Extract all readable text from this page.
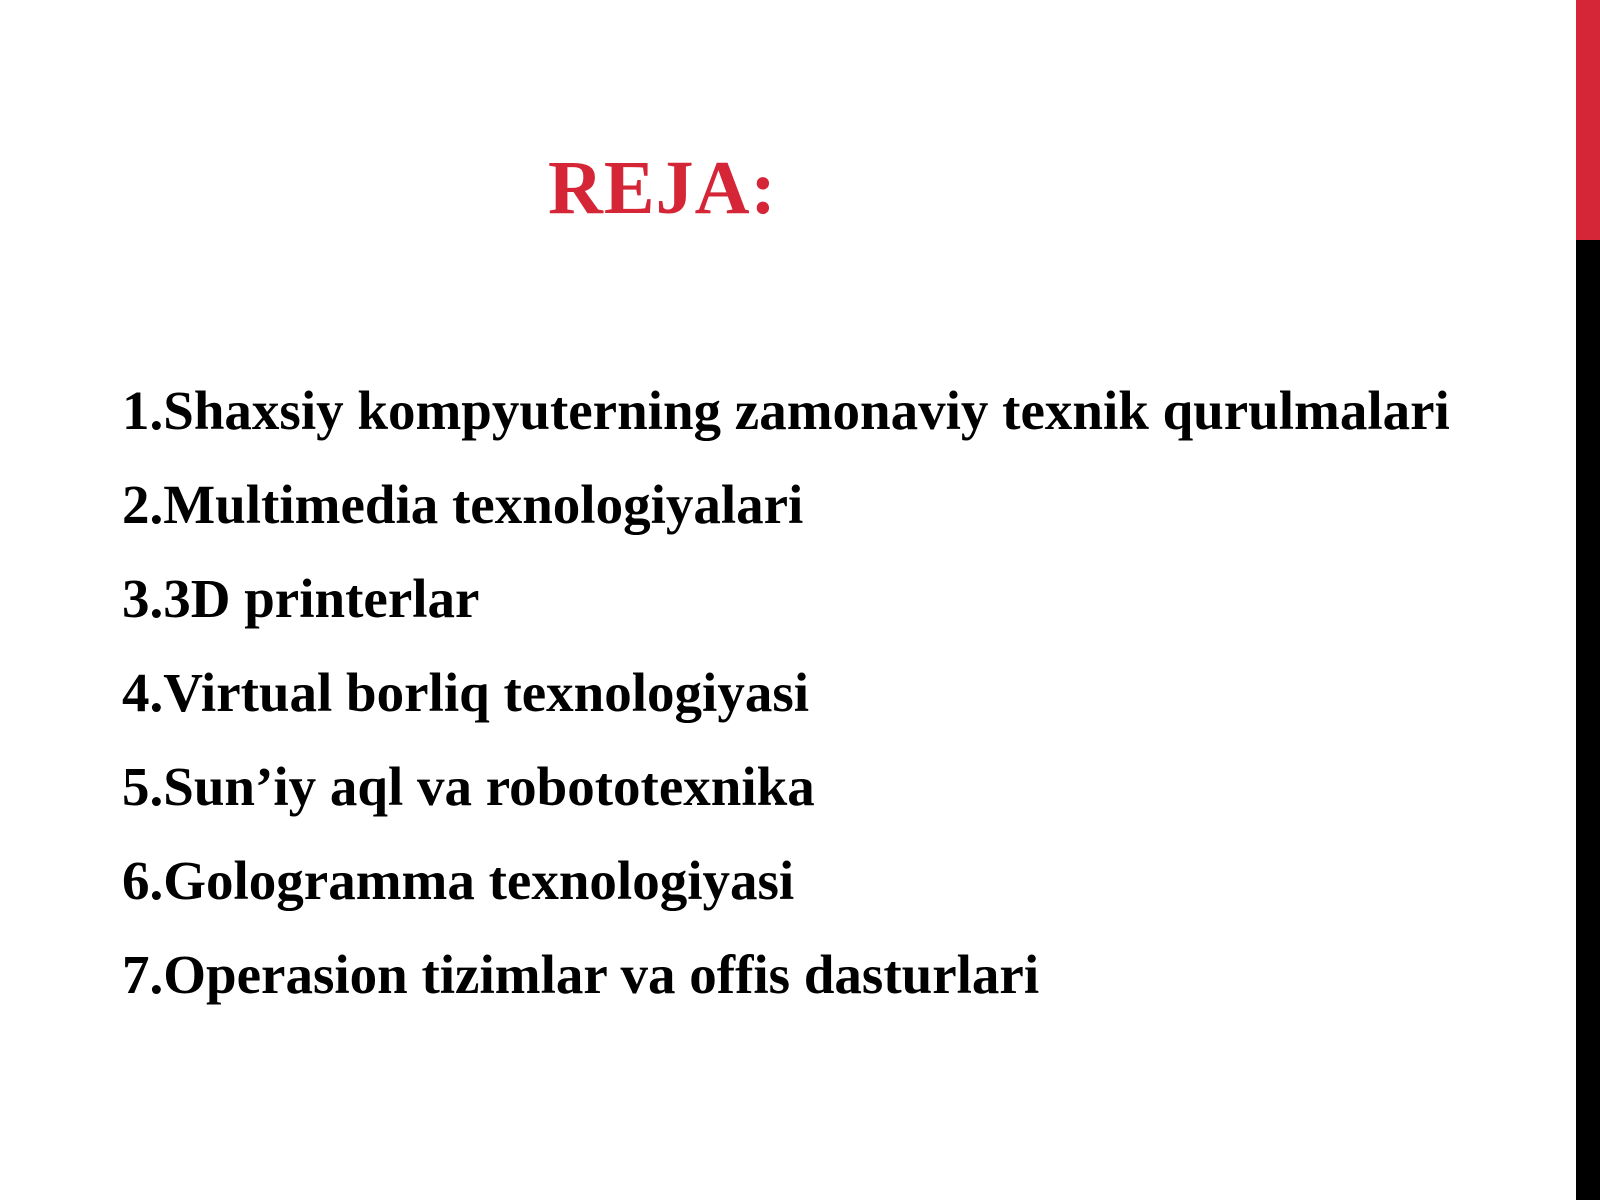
REJA:
1.Shaxsiy kompyuterning zamonaviy texnik qurulmalari
2.Multimedia texnologiyalari
3.3D printerlar
4.Virtual borliq texnologiyasi
5.Sun’iy aql va robototexnika
6.Gologramma texnologiyasi
7.Operasion tizimlar va offis dasturlari
